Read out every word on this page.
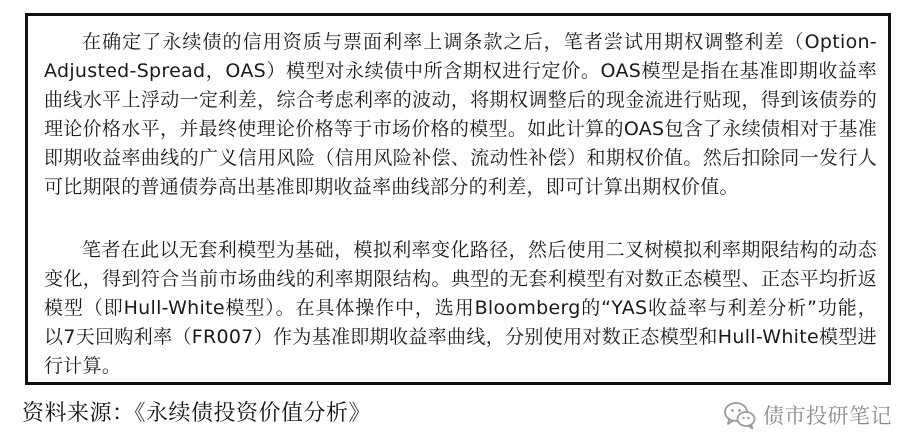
在确定了永续债的信用资质与票面利率上调条款之后，笔者尝试用期权调整利差（Option-Adjusted-Spread，OAS）模型对永续债中所含期权进行定价。OAS模型是指在基准即期收益率曲线水平上浮动一定利差，综合考虑利率的波动，将期权调整后的现金流进行贴现，得到该债券的理论价格水平，并最终使理论价格等于市场价格的模型。如此计算的OAS包含了永续债相对于基准即期收益率曲线的广义信用风险（信用风险补偿、流动性补偿）和期权价值。然后扣除同一发行人可比期限的普通债券高出基准即期收益率曲线部分的利差，即可计算出期权价值。

笔者在此以无套利模型为基础，模拟利率变化路径，然后使用二叉树模拟利率期限结构的动态变化，得到符合当前市场曲线的利率期限结构。典型的无套利模型有对数正态模型、正态平均折返模型（即Hull-White模型）。在具体操作中，选用Bloomberg的“YAS收益率与利差分析”功能，以7天回购利率（FR007）作为基准即期收益率曲线，分别使用对数正态模型和Hull-White模型进行计算。

资料来源：《永续债投资价值分析》	债市投研笔记
